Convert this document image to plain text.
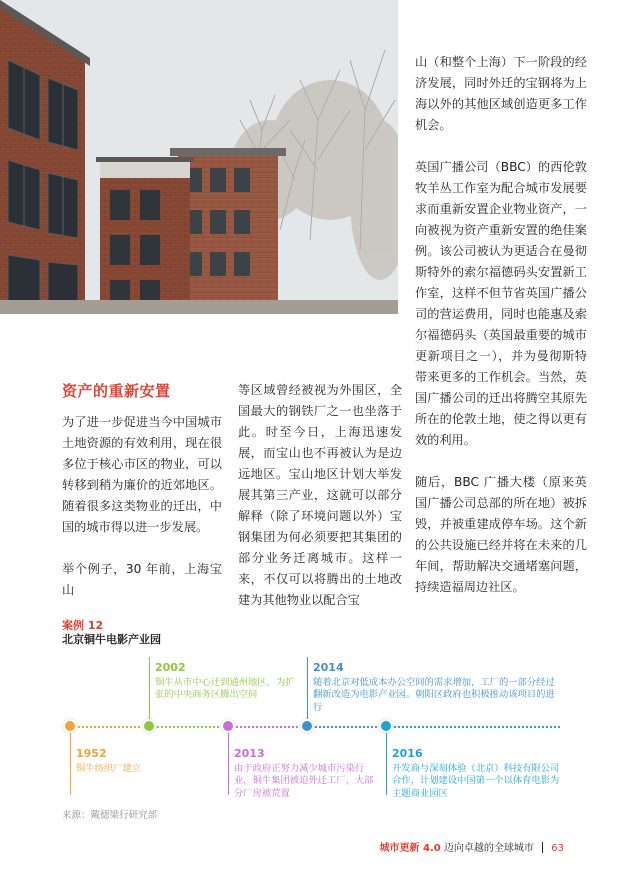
山（和整个上海）下一阶段的经济发展，同时外迁的宝钢将为上海以外的其他区域创造更多工作机会。

英国广播公司（BBC）的西伦敦牧羊丛工作室为配合城市发展要求而重新安置企业物业资产，一向被视为资产重新安置的绝佳案例。该公司被认为更适合在曼彻斯特外的索尔福德码头安置新工作室，这样不但节省英国广播公司的营运费用，同时也能惠及索尔福德码头（英国最重要的城市更新项目之一），并为曼彻斯特带来更多的工作机会。当然，英国广播公司的迁出将腾空其原先所在的伦敦土地，使之得以更有效的利用。

随后，BBC 广播大楼（原来英国广播公司总部的所在地）被拆毁，并被重建成停车场。这个新的公共设施已经并将在未来的几年间，帮助解决交通堵塞问题，持续造福周边社区。

资产的重新安置

为了进一步促进当今中国城市土地资源的有效利用，现在很多位于核心市区的物业，可以转移到稍为廉价的近郊地区。随着很多这类物业的迁出，中国的城市得以进一步发展。

举个例子，30 年前，上海宝山

等区域曾经被视为外围区，全国最大的钢铁厂之一也坐落于此。时至今日，上海迅速发展，而宝山也不再被认为是边远地区。宝山地区计划大举发展其第三产业，这就可以部分解释（除了环境问题以外）宝钢集团为何必须要把其集团的部分业务迁离城市。这样一来，不仅可以将腾出的土地改建为其他物业以配合宝

案例 12
北京铜牛电影产业园
1952
铜牛纺织厂建立
2002
铜牛从市中心迁到通州地区，为扩张的中央商务区腾出空间
2013
由于政府正努力减少城市污染行业，铜牛集团被迫外迁工厂，大部分厂房被荒置
2014
随着北京对低成本办公空间的需求增加，工厂的一部分经过翻新改造为电影产业园。朝阳区政府也积极推动该项目的进行
2016
开发商与深刻体验（北京）科技有限公司合作，计划建设中国第一个以体育电影为主题商业园区
来源：戴德梁行研究部
城市更新 4.0 迈向卓越的全球城市 63
